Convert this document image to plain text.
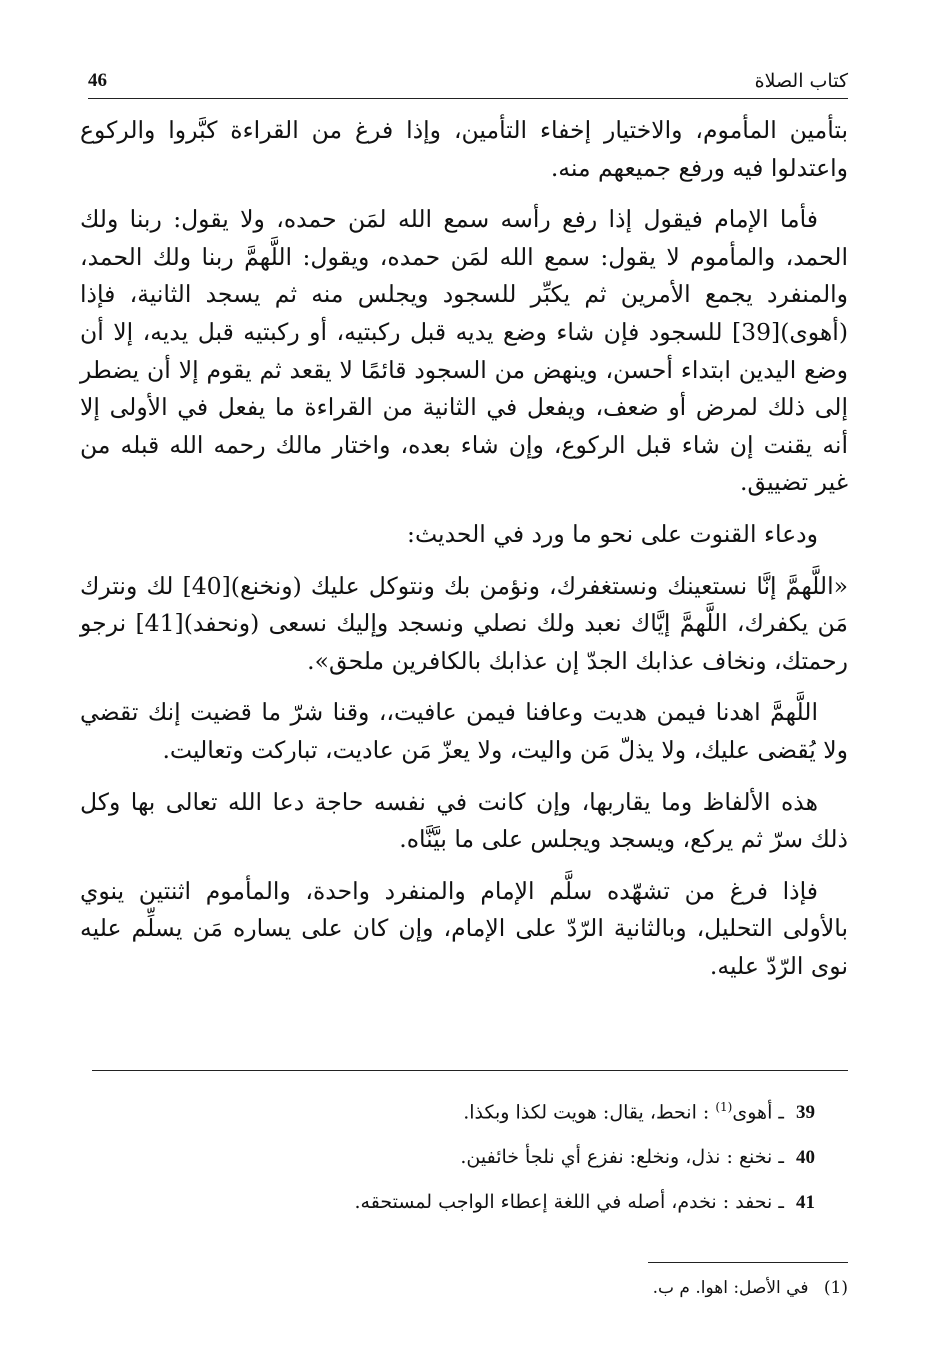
46	كتاب الصلاة

بتأمين المأموم، والاختيار إخفاء التأمين، وإذا فرغ من القراءة كبَّروا والركوع واعتدلوا فيه ورفع جميعهم منه.

فأما الإمام فيقول إذا رفع رأسه سمع الله لمَن حمده، ولا يقول: ربنا ولك الحمد، والمأموم لا يقول: سمع الله لمَن حمده، ويقول: اللَّهمَّ ربنا ولك الحمد، والمنفرد يجمع الأمرين ثم يكبِّر للسجود ويجلس منه ثم يسجد الثانية، فإذا (أهوى)[39] للسجود فإن شاء وضع يديه قبل ركبتيه، أو ركبتيه قبل يديه، إلا أن وضع اليدين ابتداء أحسن، وينهض من السجود قائمًا لا يقعد ثم يقوم إلا أن يضطر إلى ذلك لمرض أو ضعف، ويفعل في الثانية من القراءة ما يفعل في الأولى إلا أنه يقنت إن شاء قبل الركوع، وإن شاء بعده، واختار مالك رحمه الله قبله من غير تضييق.

ودعاء القنوت على نحو ما ورد في الحديث:

«اللَّهمَّ إنَّا نستعينك ونستغفرك، ونؤمن بك ونتوكل عليك (ونخنع)[40] لك ونترك مَن يكفرك، اللَّهمَّ إيَّاك نعبد ولك نصلي ونسجد وإليك نسعى (ونحفد)[41] نرجو رحمتك، ونخاف عذابك الجدّ إن عذابك بالكافرين ملحق».

اللَّهمَّ اهدنا فيمن هديت وعافنا فيمن عافيت،، وقنا شرّ ما قضيت إنك تقضي ولا يُقضى عليك، ولا يذلّ مَن واليت، ولا يعزّ مَن عاديت، تباركت وتعاليت.

هذه الألفاظ وما يقاربها، وإن كانت في نفسه حاجة دعا الله تعالى بها وكل ذلك سرّ ثم يركع، ويسجد ويجلس على ما بيَّنَّاه.

فإذا فرغ من تشهّده سلَّم الإمام والمنفرد واحدة، والمأموم اثنتين ينوي بالأولى التحليل، وبالثانية الرّدّ على الإمام، وإن كان على يساره مَن يسلِّم عليه نوى الرّدّ عليه.

39 ـ أهوى$^{(1)}$ : انحط، يقال: هويت لكذا وبكذا.
40 ـ نخنع : نذل، ونخلع: نفزع أي نلجأ خائفين.
41 ـ نحفد : نخدم، أصله في اللغة إعطاء الواجب لمستحقه.
(1) في الأصل: اهوا. م ب.
